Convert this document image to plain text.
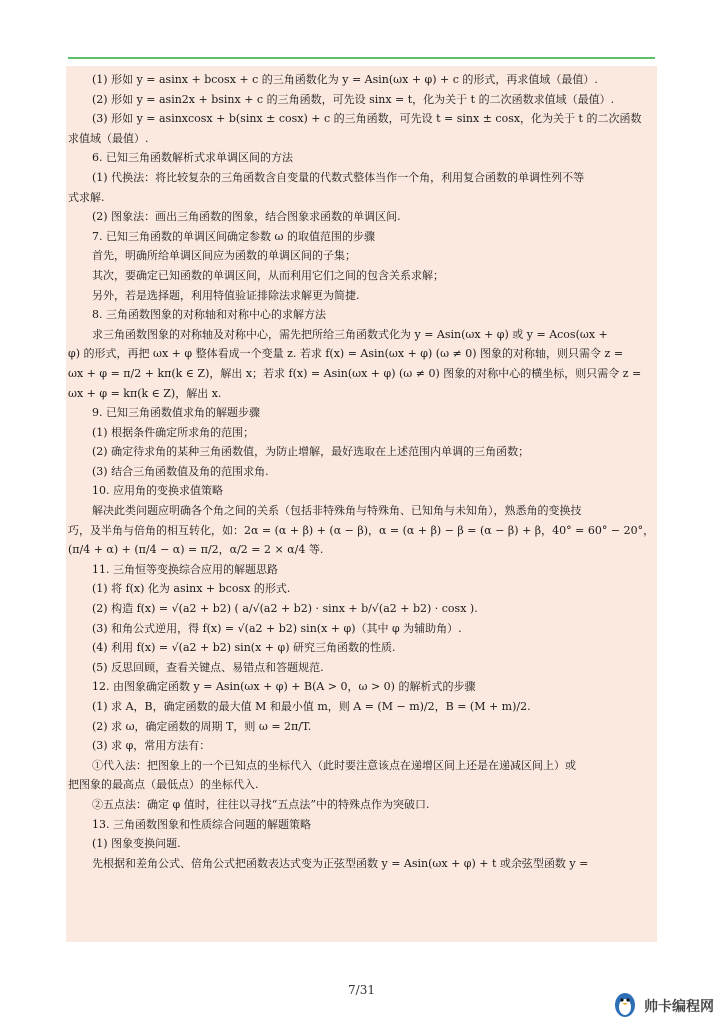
(1) 形如 y = asinx + bcosx + c 的三角函数化为 y = Asin(ωx + φ) + c 的形式，再求值域（最值）.
(2) 形如 y = asin2x + bsinx + c 的三角函数，可先设 sinx = t，化为关于 t 的二次函数求值域（最值）.
(3) 形如 y = asinxcosx + b(sinx ± cosx) + c 的三角函数，可先设 t = sinx ± cosx，化为关于 t 的二次函数
求值域（最值）.
6. 已知三角函数解析式求单调区间的方法
(1) 代换法：将比较复杂的三角函数含自变量的代数式整体当作一个角，利用复合函数的单调性列不等
式求解.
(2) 图象法：画出三角函数的图象，结合图象求函数的单调区间.
7. 已知三角函数的单调区间确定参数 ω 的取值范围的步骤
首先，明确所给单调区间应为函数的单调区间的子集；
其次，要确定已知函数的单调区间，从而利用它们之间的包含关系求解；
另外，若是选择题，利用特值验证排除法求解更为简捷.
8. 三角函数图象的对称轴和对称中心的求解方法
求三角函数图象的对称轴及对称中心，需先把所给三角函数式化为 y = Asin(ωx + φ) 或 y = Acos(ωx +
φ) 的形式，再把 ωx + φ 整体看成一个变量 z. 若求 f(x) = Asin(ωx + φ) (ω ≠ 0) 图象的对称轴，则只需令 z =
ωx + φ = π/2 + kπ(k ∈ Z)，解出 x；若求 f(x) = Asin(ωx + φ) (ω ≠ 0) 图象的对称中心的横坐标，则只需令 z =
ωx + φ = kπ(k ∈ Z)，解出 x.
9. 已知三角函数值求角的解题步骤
(1) 根据条件确定所求角的范围；
(2) 确定待求角的某种三角函数值，为防止增解，最好选取在上述范围内单调的三角函数；
(3) 结合三角函数值及角的范围求角.
10. 应用角的变换求值策略
解决此类问题应明确各个角之间的关系（包括非特殊角与特殊角、已知角与未知角），熟悉角的变换技
巧，及半角与倍角的相互转化，如：2α = (α + β) + (α − β)，α = (α + β) − β = (α − β) + β，40° = 60° − 20°，
(π/4 + α) + (π/4 − α) = π/2，α/2 = 2 × α/4 等.
11. 三角恒等变换综合应用的解题思路
(1) 将 f(x) 化为 asinx + bcosx 的形式.
(2) 构造 f(x) = √(a2 + b2) ( a/√(a2 + b2) · sinx + b/√(a2 + b2) · cosx ).
(3) 和角公式逆用，得 f(x) = √(a2 + b2) sin(x + φ)（其中 φ 为辅助角）.
(4) 利用 f(x) = √(a2 + b2) sin(x + φ) 研究三角函数的性质.
(5) 反思回顾，查看关键点、易错点和答题规范.
12. 由图象确定函数 y = Asin(ωx + φ) + B(A > 0，ω > 0) 的解析式的步骤
(1) 求 A，B，确定函数的最大值 M 和最小值 m，则 A = (M − m)/2，B = (M + m)/2.
(2) 求 ω，确定函数的周期 T，则 ω = 2π/T.
(3) 求 φ，常用方法有：
①代入法：把图象上的一个已知点的坐标代入（此时要注意该点在递增区间上还是在递减区间上）或
把图象的最高点（最低点）的坐标代入.
②五点法：确定 φ 值时，往往以寻找“五点法”中的特殊点作为突破口.
13. 三角函数图象和性质综合问题的解题策略
(1) 图象变换问题.
先根据和差角公式、倍角公式把函数表达式变为正弦型函数 y = Asin(ωx + φ) + t 或余弦型函数 y =
7/31
帅卡编程网
